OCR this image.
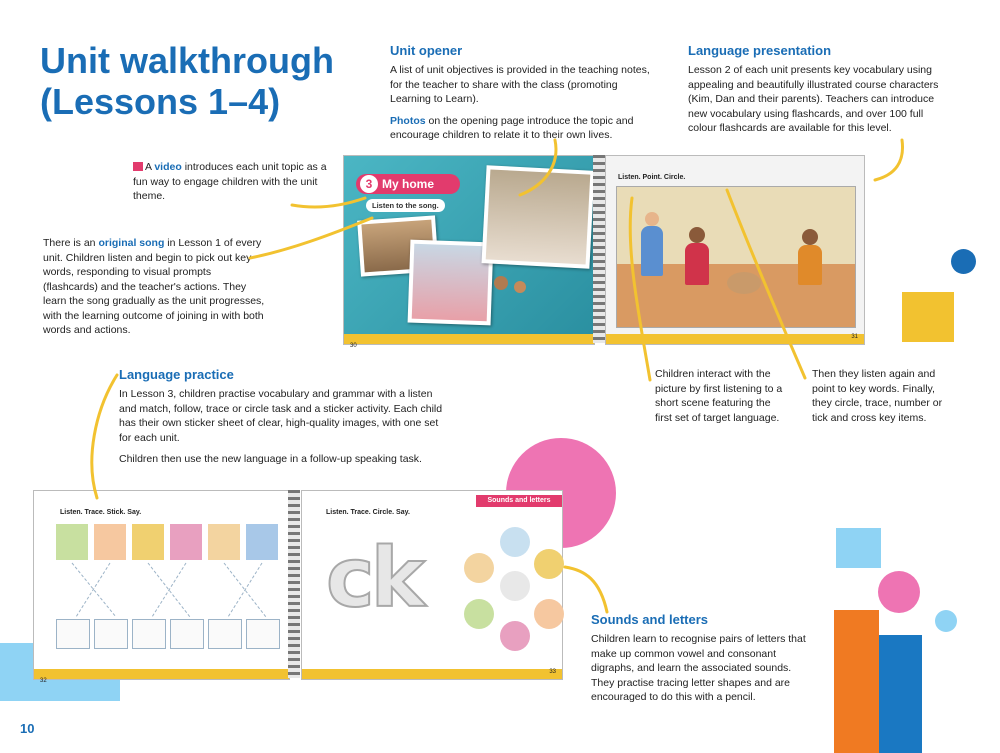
Unit walkthrough
(Lessons 1–4)
Unit opener

A list of unit objectives is provided in the teaching notes, for the teacher to share with the class (promoting Learning to Learn).

Photos on the opening page introduce the topic and encourage children to relate it to their own lives.

Language presentation
Lesson 2 of each unit presents key vocabulary using appealing and beautifully illustrated course characters (Kim, Dan and their parents). Teachers can introduce new vocabulary using flashcards, and over 100 full colour flashcards are available for this level.
A video introduces each unit topic as a fun way to engage children with the unit theme.
There is an original song in Lesson 1 of every unit. Children listen and begin to pick out key words, responding to visual prompts (flashcards) and the teacher's actions. They learn the song gradually as the unit progresses, with the learning outcome of joining in with both words and actions.
Children interact with the picture by first listening to a short scene featuring the first set of target language.
Then they listen again and point to key words. Finally, they circle, trace, number or tick and cross key items.
Language practice

In Lesson 3, children practise vocabulary and grammar with a listen and match, follow, trace or circle task and a sticker activity. Each child has their own sticker sheet of clear, high-quality images, with one set for each unit.

Children then use the new language in a follow-up speaking task.

Sounds and letters
Children learn to recognise pairs of letters that make up common vowel and consonant digraphs, and learn the associated sounds. They practise tracing letter shapes and are encouraged to do this with a pencil.
3 My home
Listen to the song.
30
Listen. Point. Circle.
31
Listen. Trace. Stick. Say.
32
Sounds and letters
Listen. Trace. Circle. Say.
ck
33
10
